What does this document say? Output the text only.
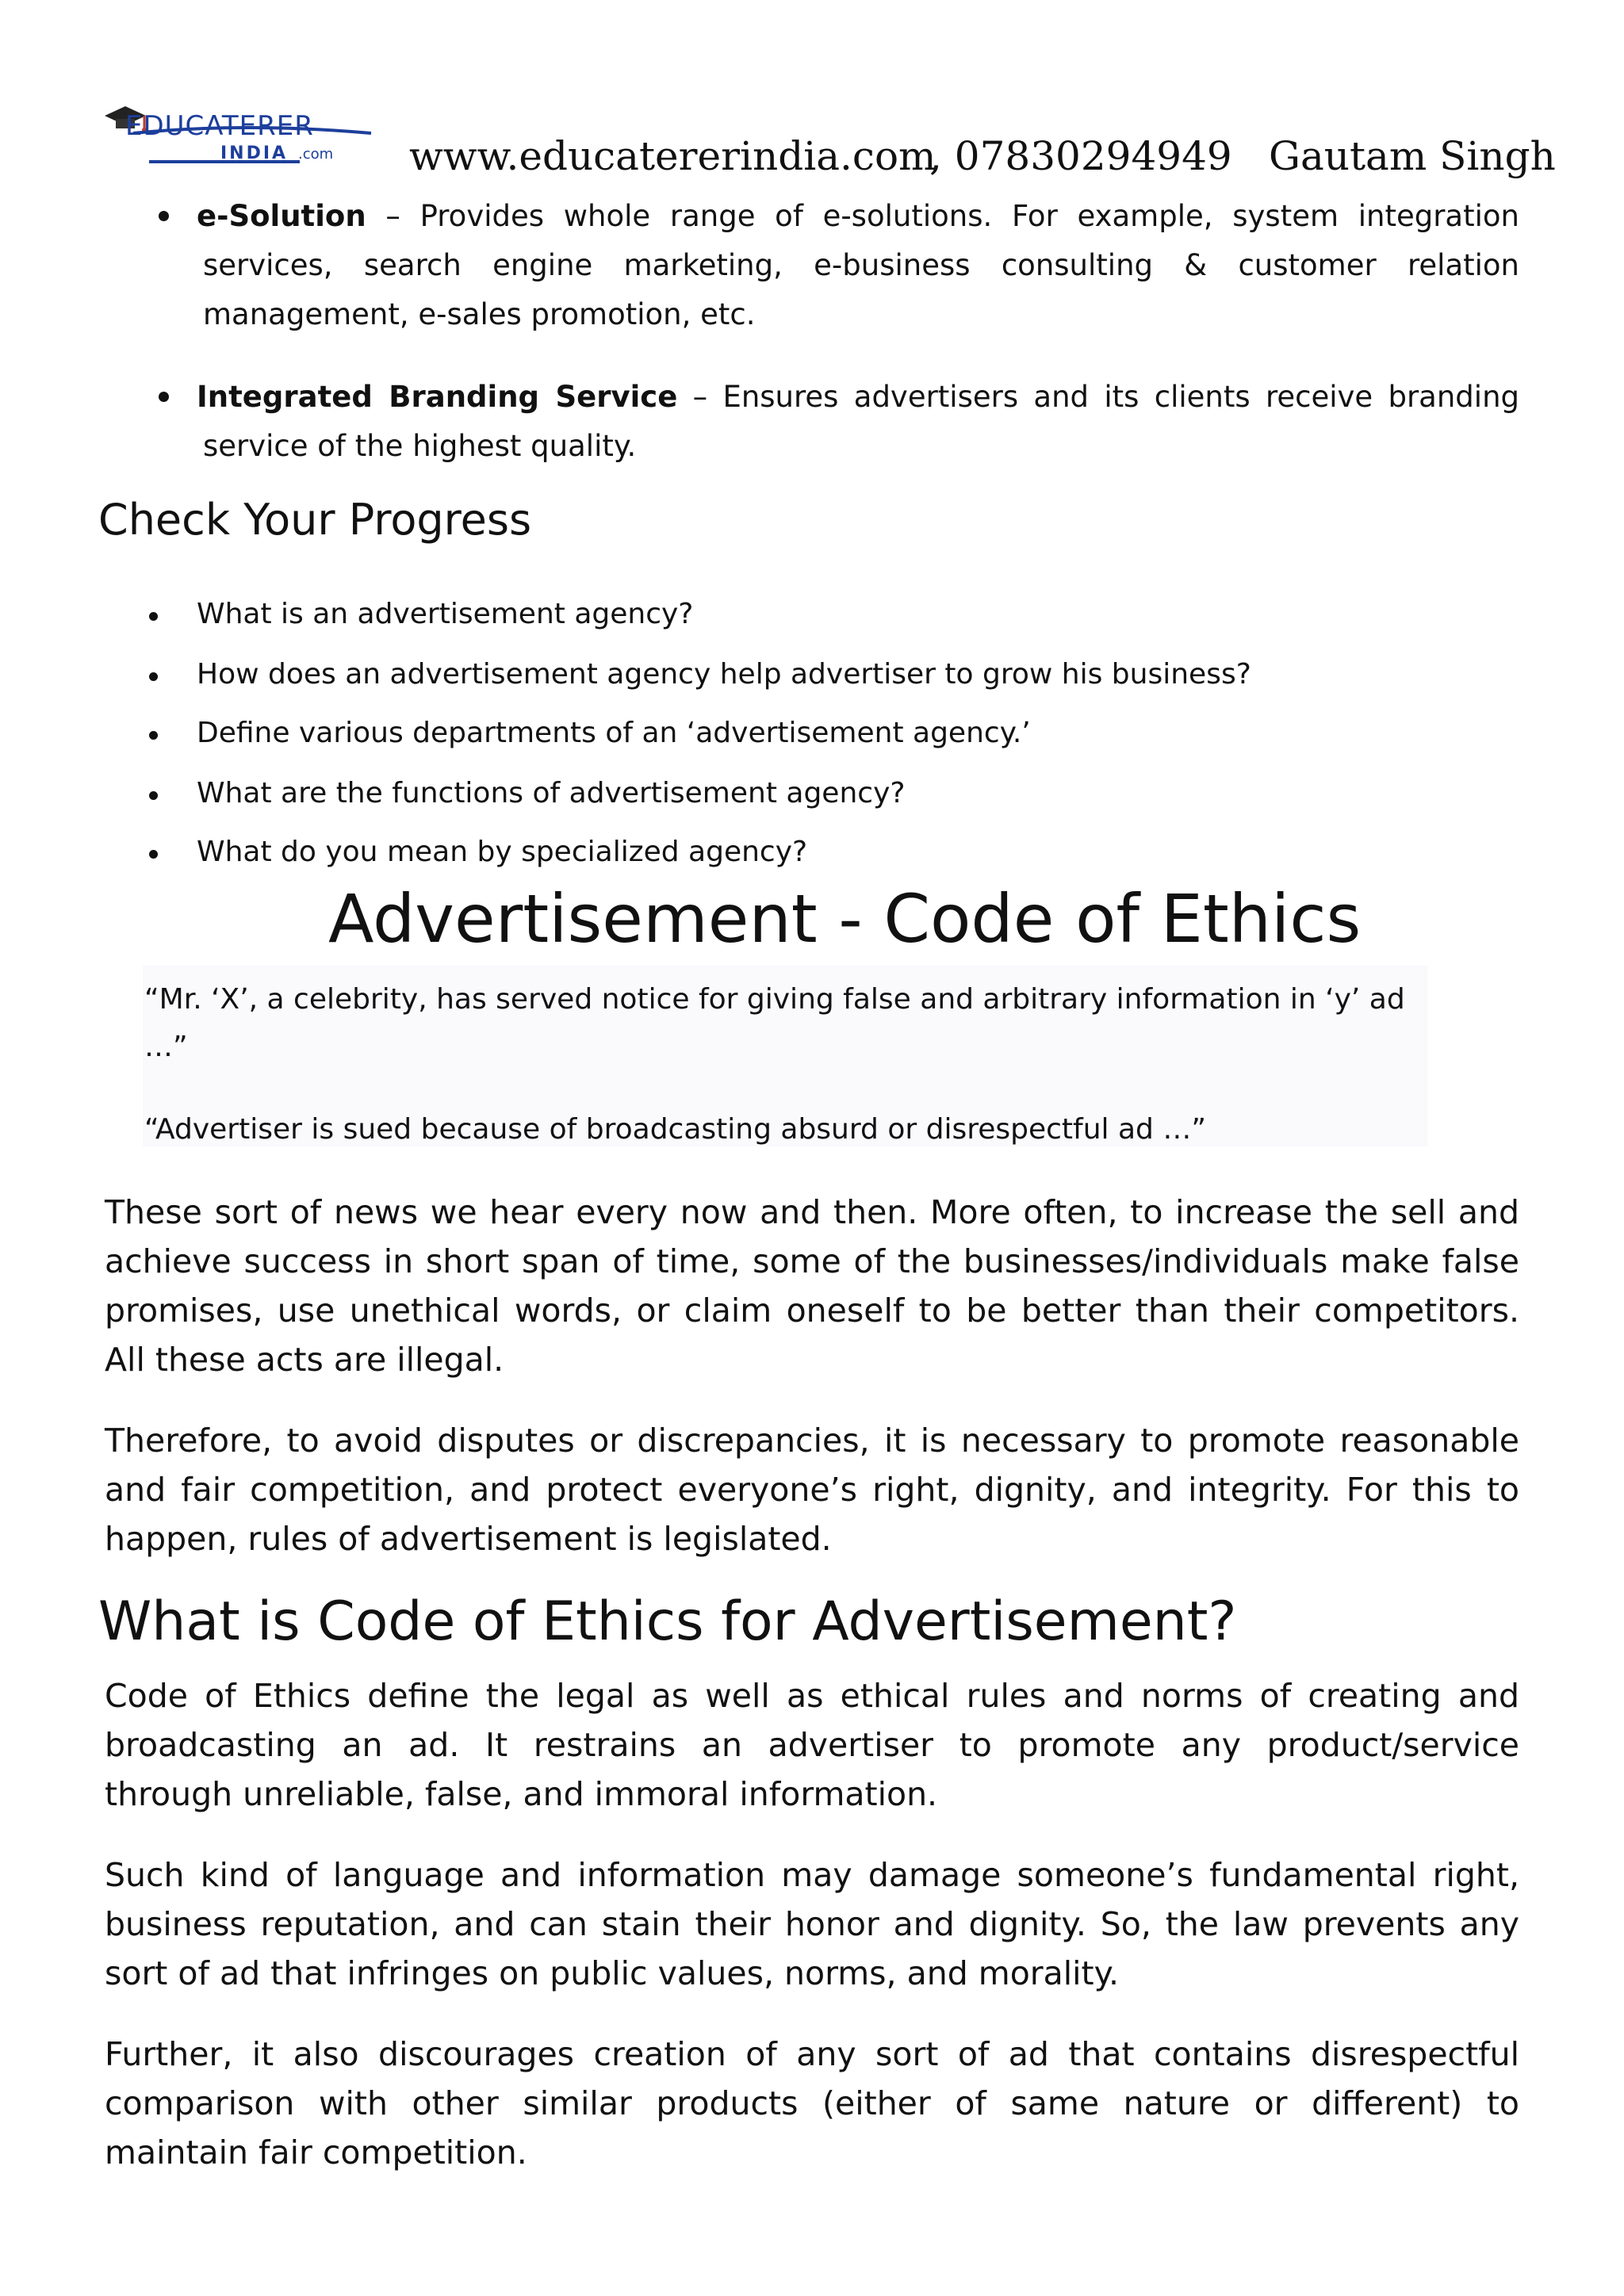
EDUCATERER
INDIA .com www.educatererindia.com
, 07830294949 Gautam Singh
e-Solution – Provides whole range of e-solutions. For example, system integration
services, search engine marketing, e-business consulting & customer relation
management, e-sales promotion, etc.
Integrated Branding Service – Ensures advertisers and its clients receive branding
service of the highest quality.
Check Your Progress
What is an advertisement agency?
How does an advertisement agency help advertiser to grow his business?
Define various departments of an ‘advertisement agency.’
What are the functions of advertisement agency?
What do you mean by specialized agency?
Advertisement - Code of Ethics
“Mr. ‘X’, a celebrity, has served notice for giving false and arbitrary information in ‘y’ ad
…”
“Advertiser is sued because of broadcasting absurd or disrespectful ad …”
These sort of news we hear every now and then. More often, to increase the sell and
achieve success in short span of time, some of the businesses/individuals make false
promises, use unethical words, or claim oneself to be better than their competitors.
All these acts are illegal.
Therefore, to avoid disputes or discrepancies, it is necessary to promote reasonable
and fair competition, and protect everyone’s right, dignity, and integrity. For this to
happen, rules of advertisement is legislated.
What is Code of Ethics for Advertisement?
Code of Ethics define the legal as well as ethical rules and norms of creating and
broadcasting an ad. It restrains an advertiser to promote any product/service
through unreliable, false, and immoral information.
Such kind of language and information may damage someone’s fundamental right,
business reputation, and can stain their honor and dignity. So, the law prevents any
sort of ad that infringes on public values, norms, and morality.
Further, it also discourages creation of any sort of ad that contains disrespectful
comparison with other similar products (either of same nature or different) to
maintain fair competition.
